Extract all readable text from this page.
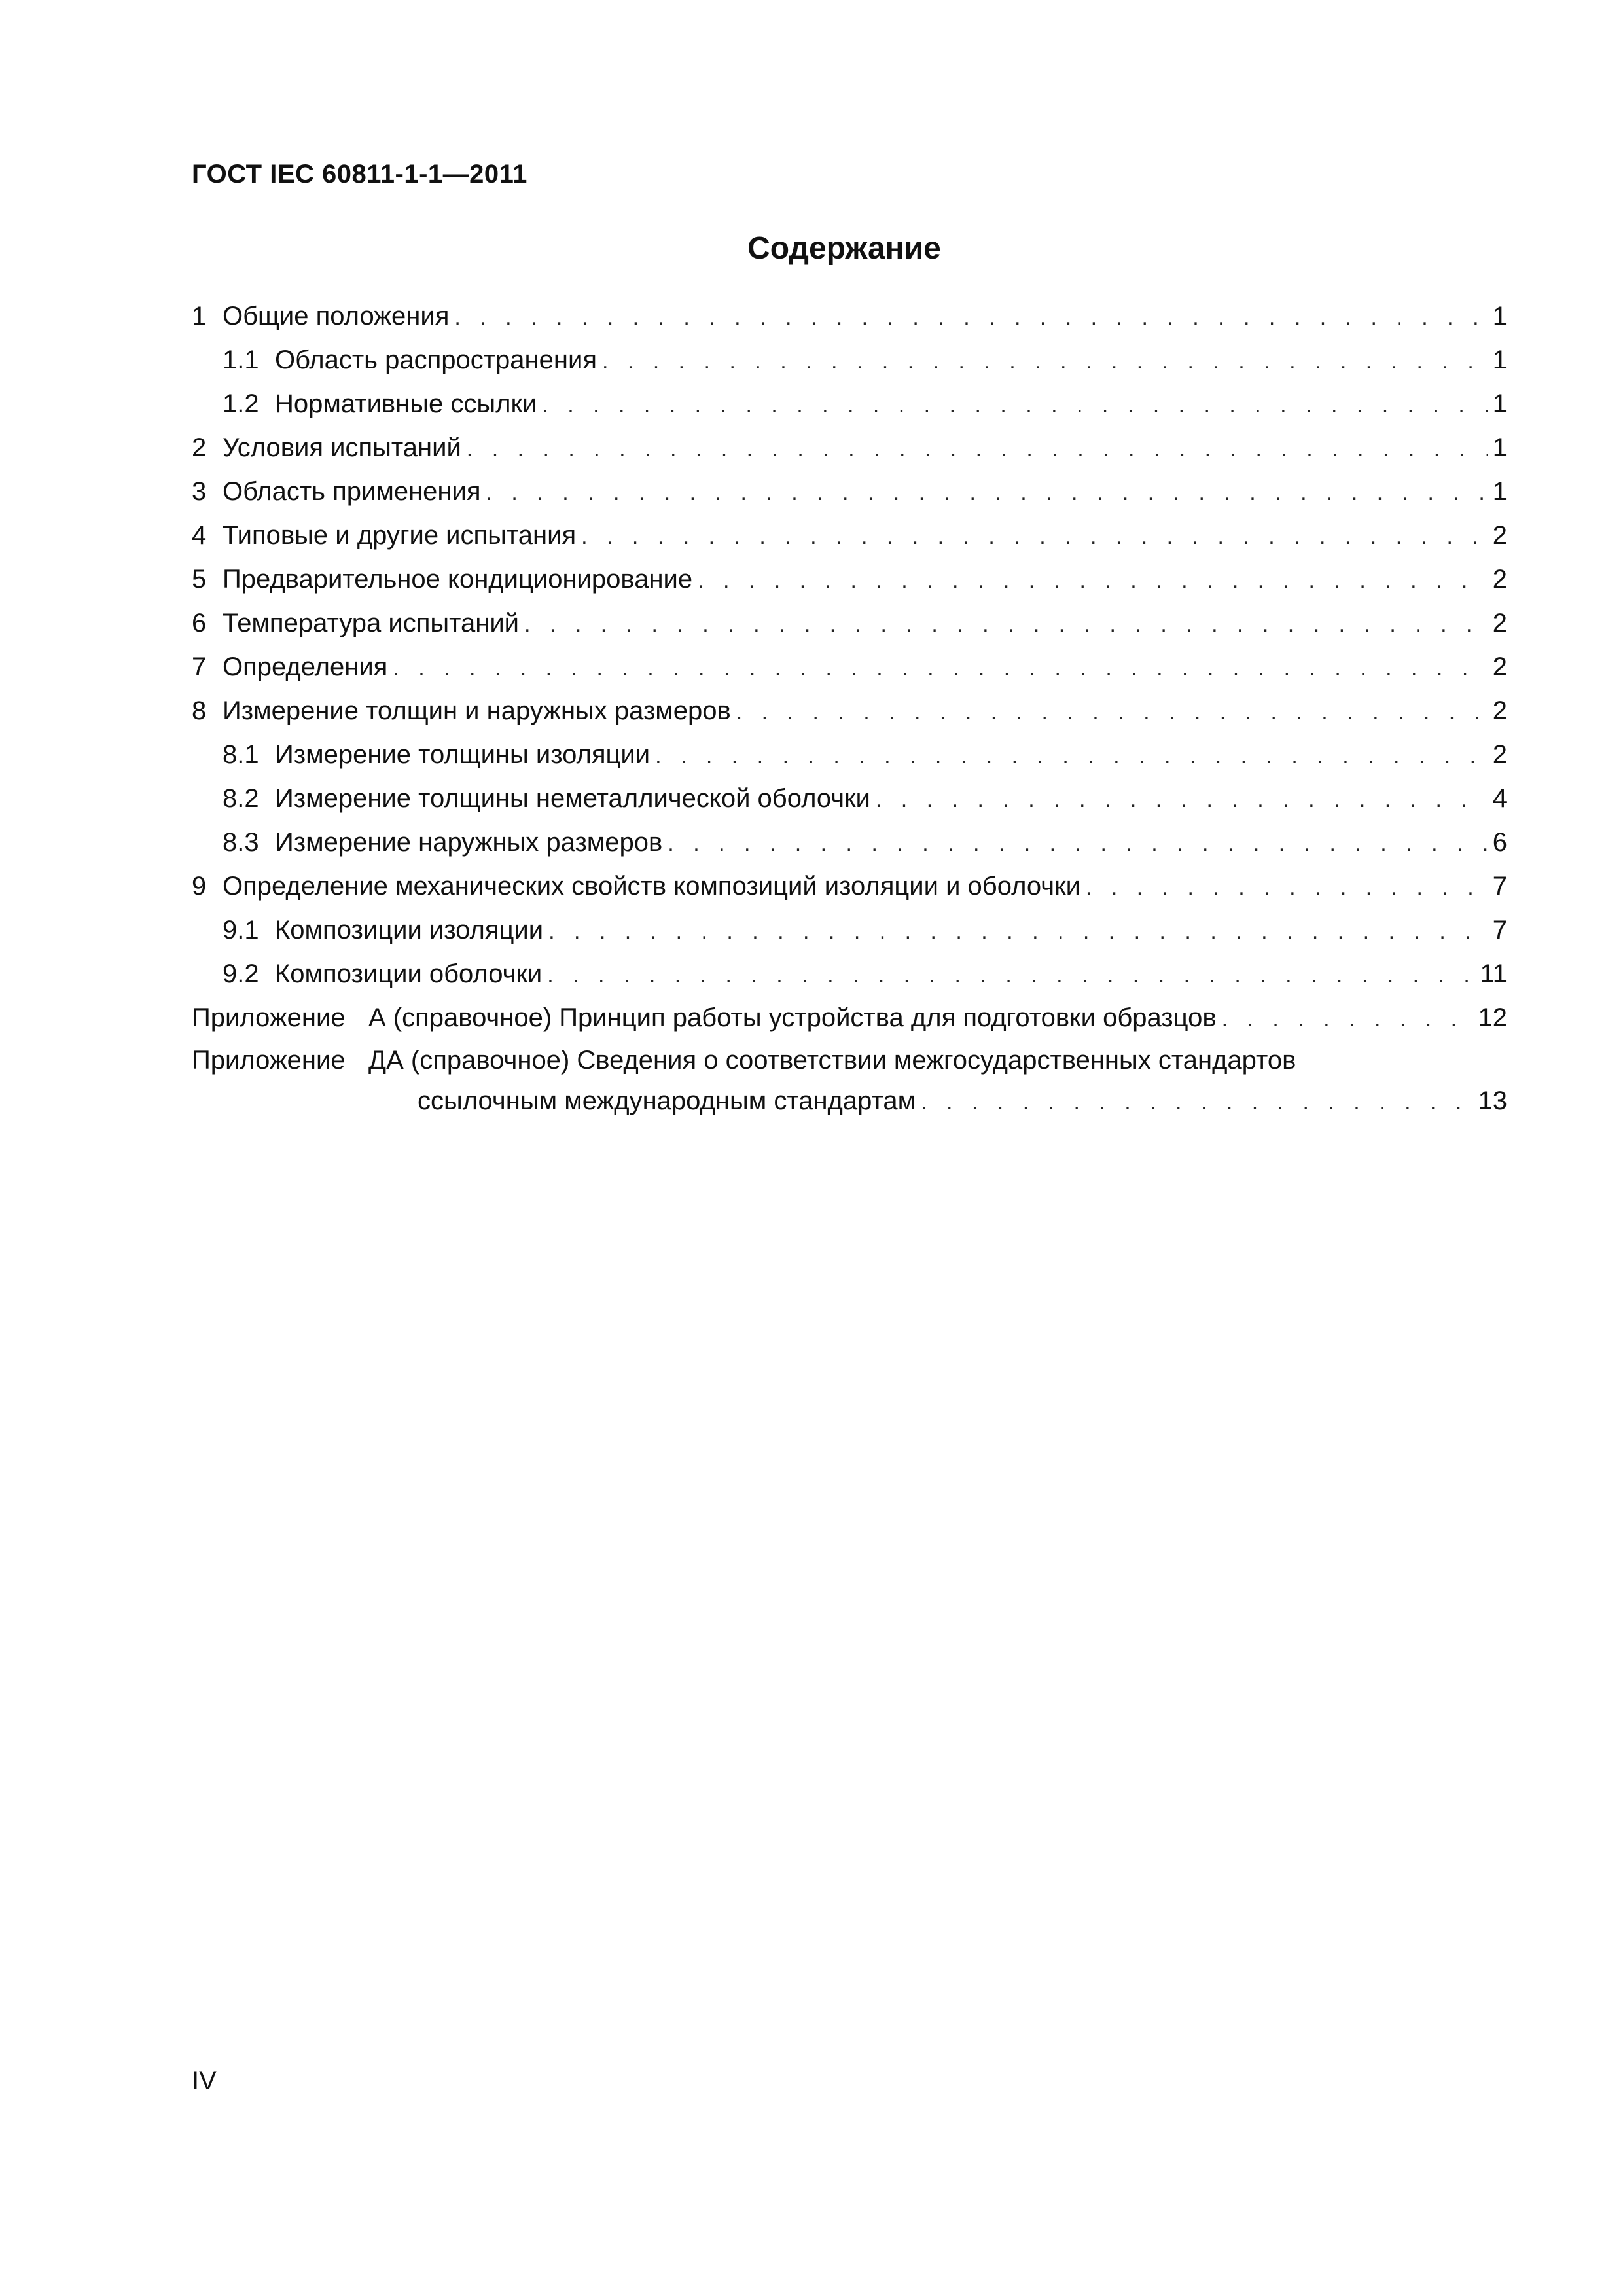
ГОСТ IEC 60811-1-1—2011
Содержание
1 Общие положения . . .	1
1.1 Область распространения . . .	1
1.2 Нормативные ссылки . . .	1
2 Условия испытаний . . .	1
3 Область применения . . .	1
4 Типовые и другие испытания . . .	2
5 Предварительное кондиционирование . . .	2
6 Температура испытаний . . .	2
7 Определения . . .	2
8 Измерение толщин и наружных размеров . . .	2
8.1 Измерение толщины изоляции . . .	2
8.2 Измерение толщины неметаллической оболочки . . .	4
8.3 Измерение наружных размеров . . .	6
9 Определение механических свойств композиций изоляции и оболочки . . .	7
9.1 Композиции изоляции . . .	7
9.2 Композиции оболочки . . .	11
Приложение А (справочное) Принцип работы устройства для подготовки образцов . . .	12
Приложение ДА (справочное) Сведения о соответствии межгосударственных стандартов
ссылочным международным стандартам . . .	13
IV
